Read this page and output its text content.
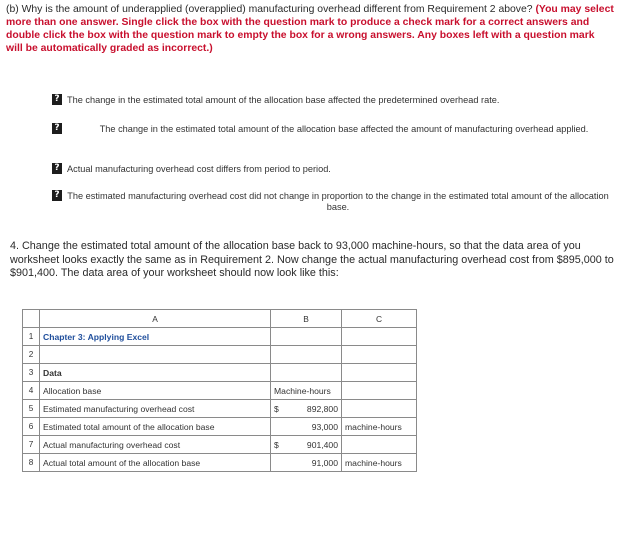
(b) Why is the amount of underapplied (overapplied) manufacturing overhead different from Requirement 2 above? (You may select more than one answer. Single click the box with the question mark to produce a check mark for a correct answers and double click the box with the question mark to empty the box for a wrong answers. Any boxes left with a question mark will be automatically graded as incorrect.)
? The change in the estimated total amount of the allocation base affected the predetermined overhead rate.
?	The change in the estimated total amount of the allocation base affected the amount of manufacturing overhead applied.
? Actual manufacturing overhead cost differs from period to period.
? The estimated manufacturing overhead cost did not change in proportion to the change in the estimated total amount of the allocation base.
4. Change the estimated total amount of the allocation base back to 93,000 machine-hours, so that the data area of you worksheet looks exactly the same as in Requirement 2. Now change the actual manufacturing overhead cost from $895,000 to $901,400. The data area of your worksheet should now look like this:
	A	B	C
1	Chapter 3: Applying Excel		
2			
3	Data		
4	Allocation base	Machine-hours	
5	Estimated manufacturing overhead cost	$ 892,800	

6	Estimated total amount of the allocation base	93,000	machine-hours
7	Actual manufacturing overhead cost	$ 901,400	

8	Actual total amount of the allocation base	91,000	machine-hours
